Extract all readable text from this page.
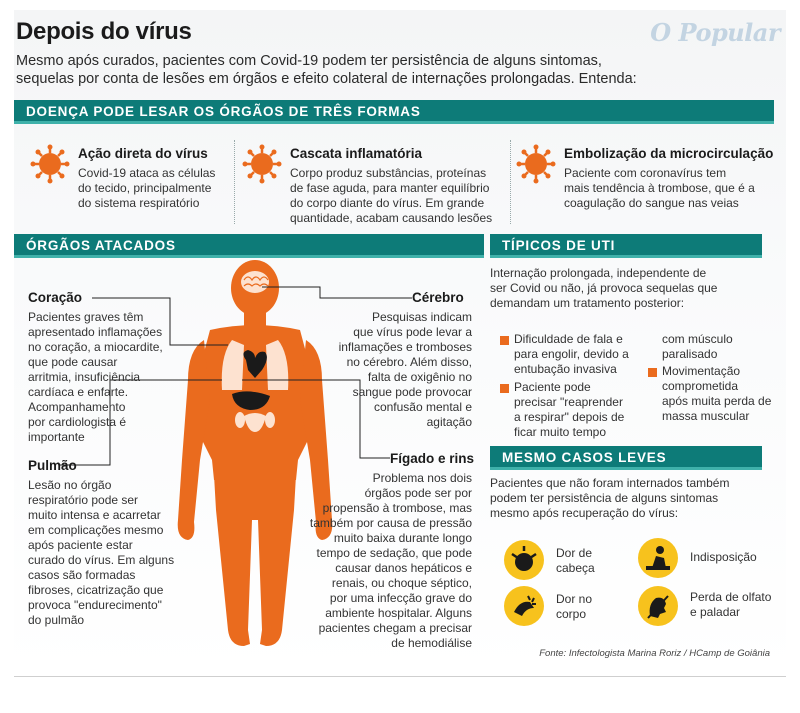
Depois do vírus	O Popular
Mesmo após curados, pacientes com Covid-19 podem ter persistência de alguns sintomas,
sequelas por conta de lesões em órgãos e efeito colateral de internações prolongadas. Entenda:
DOENÇA PODE LESAR OS ÓRGÃOS DE TRÊS FORMAS
Ação direta do vírus
Covid-19 ataca as células
do tecido, principalmente
do sistema respiratório
Cascata inflamatória
Corpo produz substâncias, proteínas
de fase aguda, para manter equilíbrio
do corpo diante do vírus. Em grande
quantidade, acabam causando lesões
Embolização da microcirculação
Paciente com coronavírus tem
mais tendência à trombose, que é a
coagulação do sangue nas veias
ÓRGÃOS ATACADOS
Coração
Pacientes graves têm
apresentado inflamações
no coração, a miocardite,
que pode causar
arritmia, insuficiência
cardíaca e enfarte.
Acompanhamento
por cardiologista é
importante
Pulmão
Lesão no órgão
respiratório pode ser
muito intensa e acarretar
em complicações mesmo
após paciente estar
curado do vírus. Em alguns
casos são formadas
fibroses, cicatrização que
provoca "endurecimento"
do pulmão
Cérebro
Pesquisas indicam
que vírus pode levar a
inflamações e tromboses
no cérebro. Além disso,
falta de oxigênio no
sangue pode provocar
confusão mental e
agitação
Fígado e rins
Problema nos dois
órgãos pode ser por
propensão à trombose, mas
também por causa de pressão
muito baixa durante longo
tempo de sedação, que pode
causar danos hepáticos e
renais, ou choque séptico,
por uma infecção grave do
ambiente hospitalar. Alguns
pacientes chegam a precisar
de hemodiálise
TÍPICOS DE UTI
Internação prolongada, independente de
ser Covid ou não, já provoca sequelas que
demandam um tratamento posterior:
Dificuldade de fala e
para engolir, devido a
entubação invasiva
Paciente pode
precisar "reaprender
a respirar" depois de
ficar muito tempo
com músculo
paralisado
Movimentação
comprometida
após muita perda de
massa muscular
MESMO CASOS LEVES
Pacientes que não foram internados também
podem ter persistência de alguns sintomas
mesmo após recuperação do vírus:
Dor de
cabeça
Indisposição
Dor no
corpo
Perda de olfato
e paladar
Fonte: Infectologista Marina Roriz / HCamp de Goiânia
